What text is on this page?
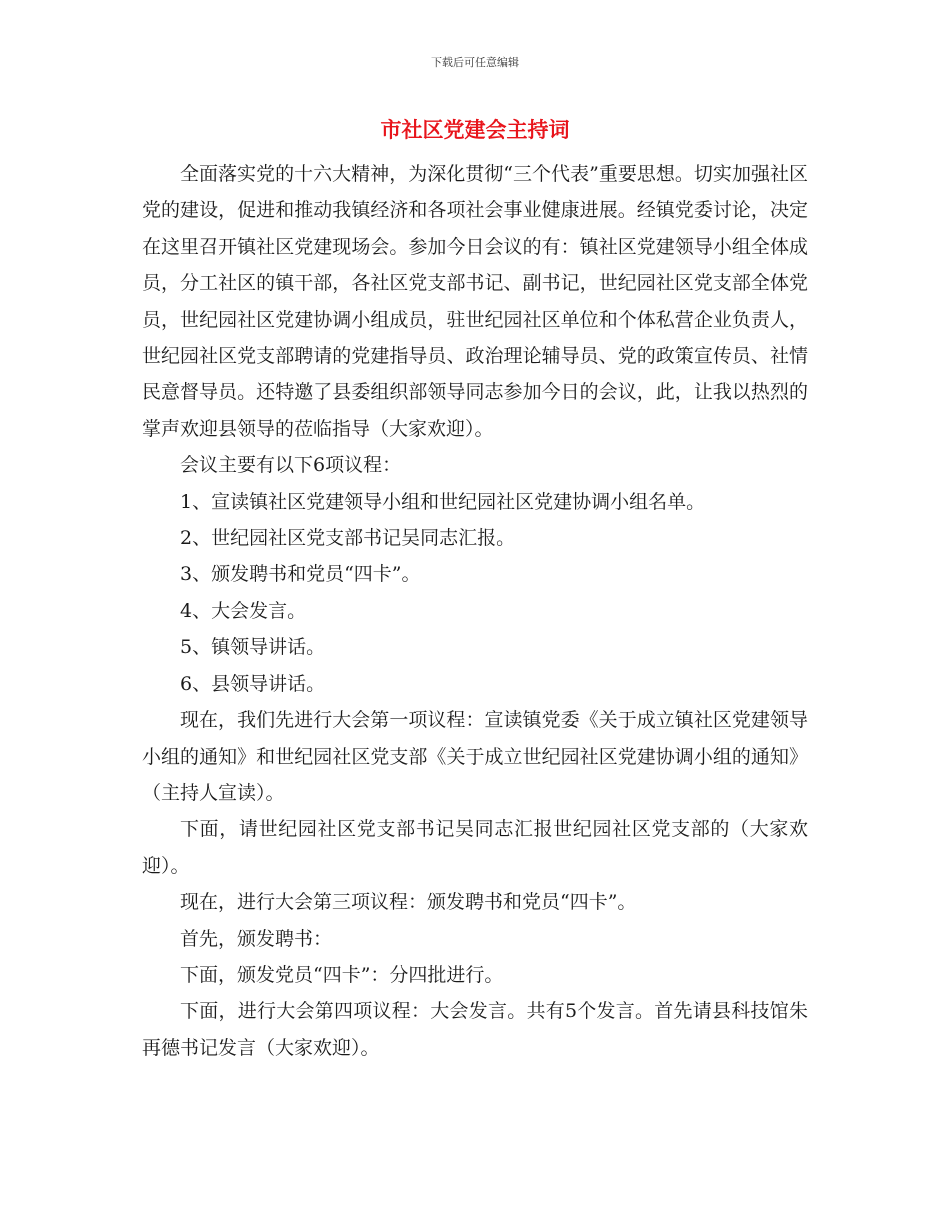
下载后可任意编辑
市社区党建会主持词

全面落实党的十六大精神，为深化贯彻“三个代表”重要思想。切实加强社区党的建设，促进和推动我镇经济和各项社会事业健康进展。经镇党委讨论，决定在这里召开镇社区党建现场会。参加今日会议的有：镇社区党建领导小组全体成员，分工社区的镇干部，各社区党支部书记、副书记，世纪园社区党支部全体党员，世纪园社区党建协调小组成员，驻世纪园社区单位和个体私营企业负责人，世纪园社区党支部聘请的党建指导员、政治理论辅导员、党的政策宣传员、社情民意督导员。还特邀了县委组织部领导同志参加今日的会议，此，让我以热烈的掌声欢迎县领导的莅临指导（大家欢迎）。

会议主要有以下6项议程：

1、宣读镇社区党建领导小组和世纪园社区党建协调小组名单。

2、世纪园社区党支部书记吴同志汇报。

3、颁发聘书和党员“四卡”。

4、大会发言。

5、镇领导讲话。

6、县领导讲话。

现在，我们先进行大会第一项议程：宣读镇党委《关于成立镇社区党建领导小组的通知》和世纪园社区党支部《关于成立世纪园社区党建协调小组的通知》（主持人宣读）。

下面，请世纪园社区党支部书记吴同志汇报世纪园社区党支部的（大家欢迎）。

现在，进行大会第三项议程：颁发聘书和党员“四卡”。

首先，颁发聘书：

下面，颁发党员“四卡”：分四批进行。

下面，进行大会第四项议程：大会发言。共有5个发言。首先请县科技馆朱再德书记发言（大家欢迎）。
